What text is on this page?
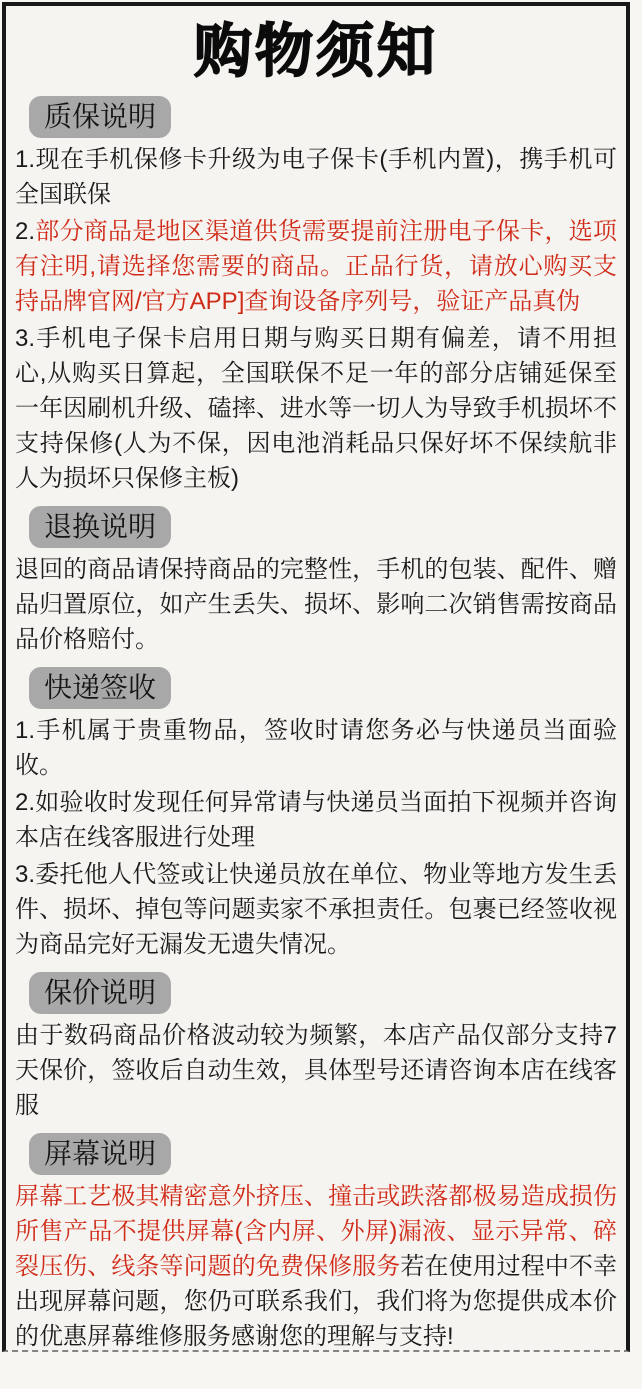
购物须知
质保说明

1.现在手机保修卡升级为电子保卡(手机内置)，携手机可全国联保

2.部分商品是地区渠道供货需要提前注册电子保卡，选项有注明,请选择您需要的商品。正品行货，请放心购买支持品牌官网/官方APP]查询设备序列号，验证产品真伪

3.手机电子保卡启用日期与购买日期有偏差，请不用担心,从购买日算起，全国联保不足一年的部分店铺延保至一年因刷机升级、磕摔、进水等一切人为导致手机损坏不支持保修(人为不保，因电池消耗品只保好坏不保续航非人为损坏只保修主板)

退换说明

退回的商品请保持商品的完整性，手机的包装、配件、赠品归置原位，如产生丢失、损坏、影响二次销售需按商品品价格赔付。

快递签收

1.手机属于贵重物品，签收时请您务必与快递员当面验收。

2.如验收时发现任何异常请与快递员当面拍下视频并咨询本店在线客服进行处理

3.委托他人代签或让快递员放在单位、物业等地方发生丢件、损坏、掉包等问题卖家不承担责任。包裹已经签收视为商品完好无漏发无遗失情况。

保价说明

由于数码商品价格波动较为频繁，本店产品仅部分支持7天保价，签收后自动生效，具体型号还请咨询本店在线客服

屏幕说明

屏幕工艺极其精密意外挤压、撞击或跌落都极易造成损伤所售产品不提供屏幕(含内屏、外屏)漏液、显示异常、碎裂压伤、线条等问题的免费保修服务若在使用过程中不幸出现屏幕问题，您仍可联系我们，我们将为您提供成本价的优惠屏幕维修服务感谢您的理解与支持!
